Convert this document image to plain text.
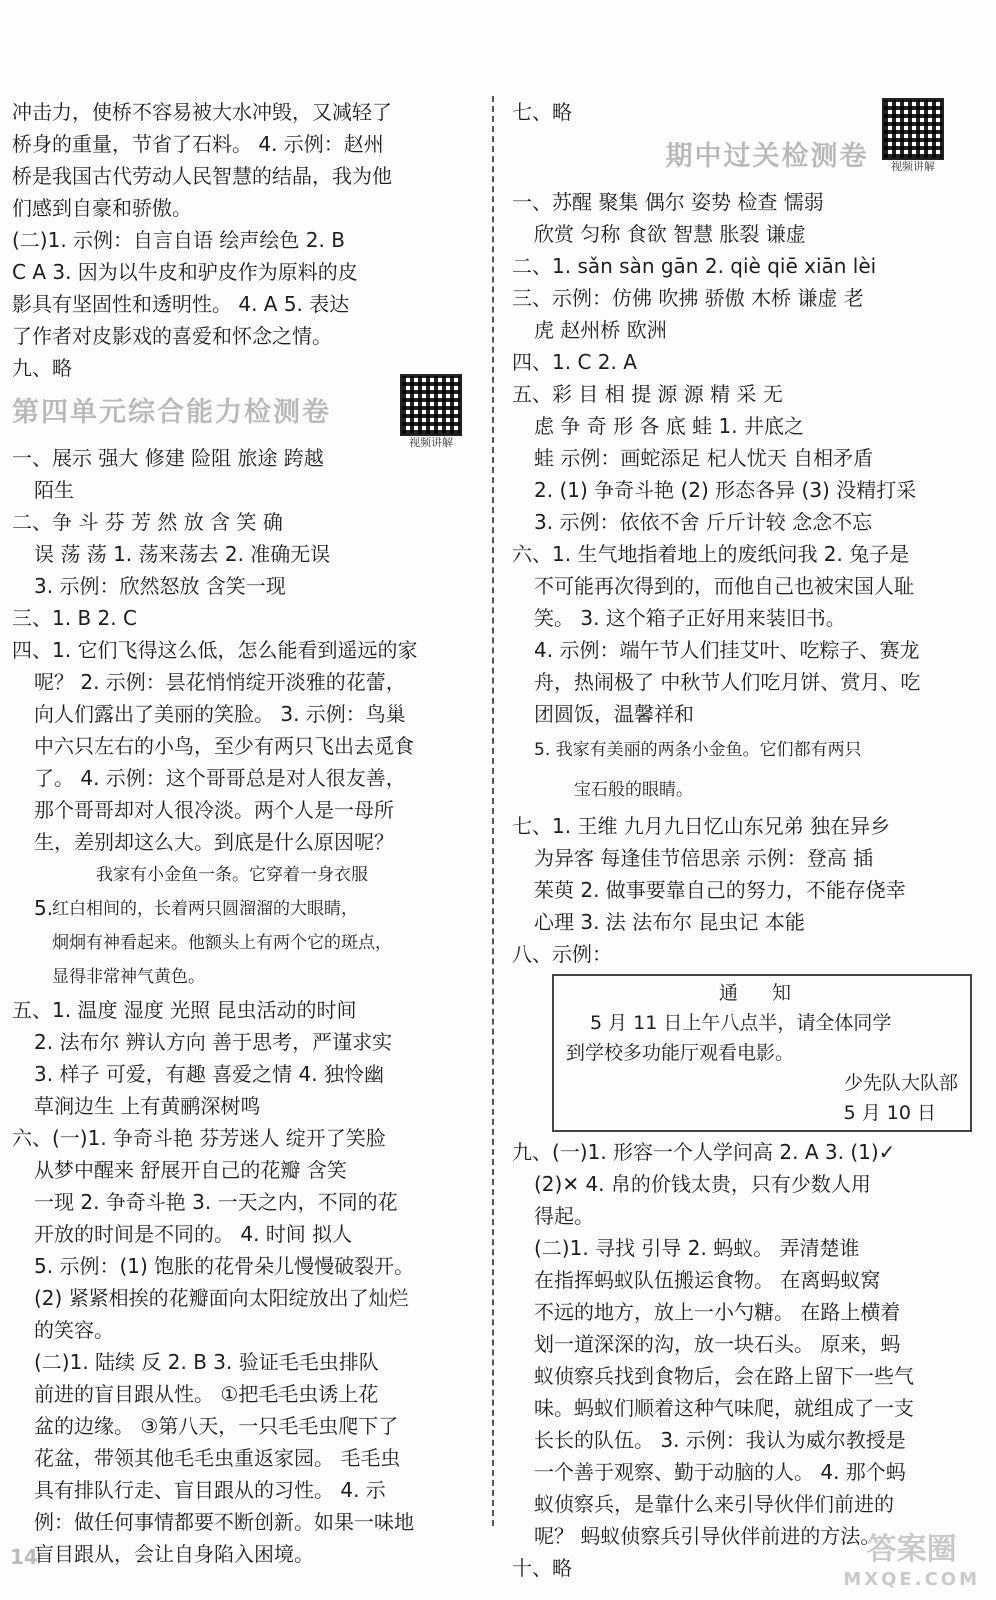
冲击力，使桥不容易被大水冲毁，又减轻了
桥身的重量，节省了石料。 4. 示例：赵州
桥是我国古代劳动人民智慧的结晶，我为他
们感到自豪和骄傲。
(二)1. 示例：自言自语 绘声绘色 2. B
C A 3. 因为以牛皮和驴皮作为原料的皮
影具有坚固性和透明性。 4. A 5. 表达
了作者对皮影戏的喜爱和怀念之情。
九、略
第四单元综合能力检测卷
视频讲解
一、展示 强大 修建 险阻 旅途 跨越
陌生
二、争 斗 芬 芳 然 放 含 笑 确
误 荡 荡 1. 荡来荡去 2. 准确无误
3. 示例：欣然怒放 含笑一现
三、1. B 2. C
四、1. 它们飞得这么低，怎么能看到遥远的家
呢？ 2. 示例：昙花悄悄绽开淡雅的花蕾，
向人们露出了美丽的笑脸。 3. 示例：鸟巢
中六只左右的小鸟，至少有两只飞出去觅食
了。 4. 示例：这个哥哥总是对人很友善，
那个哥哥却对人很冷淡。两个人是一母所
生，差别却这么大。到底是什么原因呢？
5.
我家有小金鱼一条。它穿着一身衣服
红白相间的，长着两只圆溜溜的大眼睛，
炯炯有神看起来。他额头上有两个它的斑点，
显得非常神气黄色。
五、1. 温度 湿度 光照 昆虫活动的时间
2. 法布尔 辨认方向 善于思考，严谨求实
3. 样子 可爱，有趣 喜爱之情 4. 独怜幽
草涧边生 上有黄鹂深树鸣
六、(一)1. 争奇斗艳 芬芳迷人 绽开了笑脸
从梦中醒来 舒展开自己的花瓣 含笑
一现 2. 争奇斗艳 3. 一天之内，不同的花
开放的时间是不同的。 4. 时间 拟人
5. 示例：(1) 饱胀的花骨朵儿慢慢破裂开。
(2) 紧紧相挨的花瓣面向太阳绽放出了灿烂
的笑容。
(二)1. 陆续 反 2. B 3. 验证毛毛虫排队
前进的盲目跟从性。 ①把毛毛虫诱上花
盆的边缘。 ③第八天，一只毛毛虫爬下了
花盆，带领其他毛毛虫重返家园。 毛毛虫
具有排队行走、盲目跟从的习性。 4. 示
例：做任何事情都要不断创新。如果一味地
盲目跟从，会让自身陷入困境。
七、略
期中过关检测卷	视频讲解
一、苏醒 聚集 偶尔 姿势 检查 懦弱
欣赏 匀称 食欲 智慧 胀裂 谦虚
二、1. sǎn sàn gān 2. qiè qiē xiān lèi
三、示例：仿佛 吹拂 骄傲 木桥 谦虚 老
虎 赵州桥 欧洲
四、1. C 2. A
五、彩 目 相 提 源 源 精 采 无
虑 争 奇 形 各 底 蛙 1. 井底之
蛙 示例：画蛇添足 杞人忧天 自相矛盾
2. (1) 争奇斗艳 (2) 形态各异 (3) 没精打采
3. 示例：依依不舍 斤斤计较 念念不忘
六、1. 生气地指着地上的废纸问我 2. 兔子是
不可能再次得到的，而他自己也被宋国人耻
笑。 3. 这个箱子正好用来装旧书。
4. 示例：端午节人们挂艾叶、吃粽子、赛龙
舟，热闹极了 中秋节人们吃月饼、赏月、吃
团圆饭，温馨祥和
5. 我家有美丽的两条小金鱼。它们都有两只
宝石般的眼睛。
七、1. 王维 九月九日忆山东兄弟 独在异乡
为异客 每逢佳节倍思亲 示例：登高 插
茱萸 2. 做事要靠自己的努力，不能存侥幸
心理 3. 法 法布尔 昆虫记 本能
八、示例：
通 知
5 月 11 日上午八点半，请全体同学
到学校多功能厅观看电影。
少先队大队部
5 月 10 日
九、(一)1. 形容一个人学问高 2. A 3. (1)✓
(2)✕ 4. 帛的价钱太贵，只有少数人用
得起。
(二)1. 寻找 引导 2. 蚂蚁。 弄清楚谁
在指挥蚂蚁队伍搬运食物。 在离蚂蚁窝
不远的地方，放上一小勺糖。 在路上横着
划一道深深的沟，放一块石头。 原来，蚂
蚁侦察兵找到食物后，会在路上留下一些气
味。蚂蚁们顺着这种气味爬，就组成了一支
长长的队伍。 3. 示例：我认为威尔教授是
一个善于观察、勤于动脑的人。 4. 那个蚂
蚁侦察兵，是靠什么来引导伙伴们前进的
呢？ 蚂蚁侦察兵引导伙伴前进的方法。
十、略
14	答案圈
MXQE.COM
